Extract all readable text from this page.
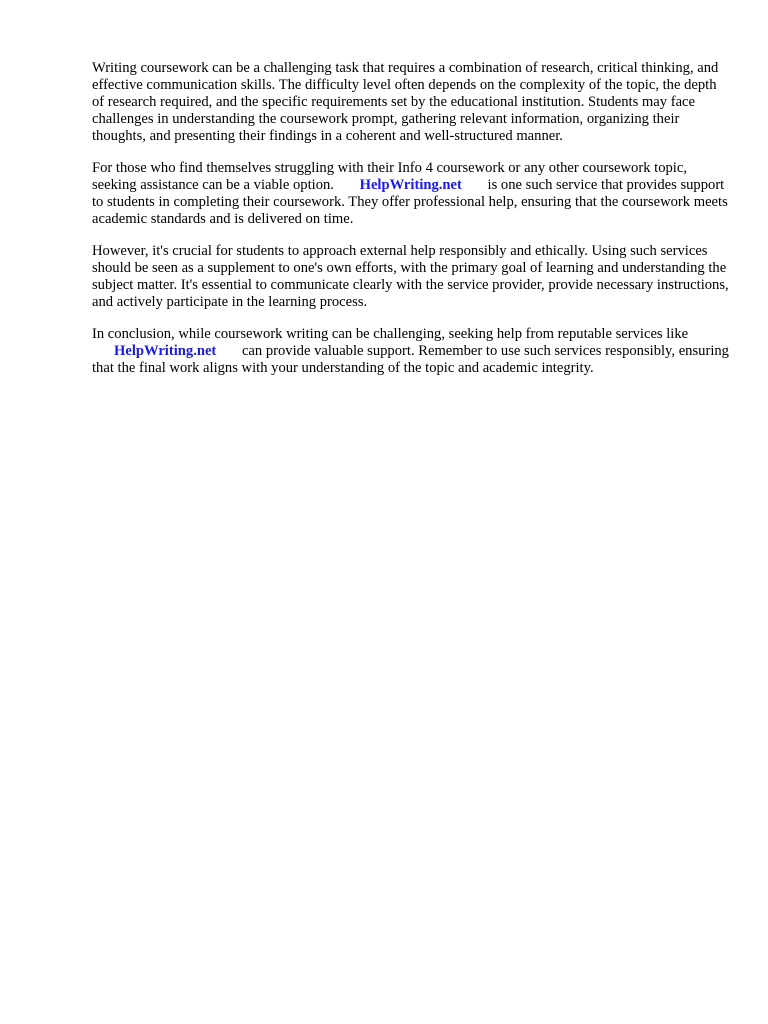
Writing coursework can be a challenging task that requires a combination of research, critical thinking, and effective communication skills. The difficulty level often depends on the complexity of the topic, the depth of research required, and the specific requirements set by the educational institution. Students may face challenges in understanding the coursework prompt, gathering relevant information, organizing their thoughts, and presenting their findings in a coherent and well-structured manner.

For those who find themselves struggling with their Info 4 coursework or any other coursework topic, seeking assistance can be a viable option. HelpWriting.net is one such service that provides support to students in completing their coursework. They offer professional help, ensuring that the coursework meets academic standards and is delivered on time.

However, it's crucial for students to approach external help responsibly and ethically. Using such services should be seen as a supplement to one's own efforts, with the primary goal of learning and understanding the subject matter. It's essential to communicate clearly with the service provider, provide necessary instructions, and actively participate in the learning process.

In conclusion, while coursework writing can be challenging, seeking help from reputable services like HelpWriting.net can provide valuable support. Remember to use such services responsibly, ensuring that the final work aligns with your understanding of the topic and academic integrity.
